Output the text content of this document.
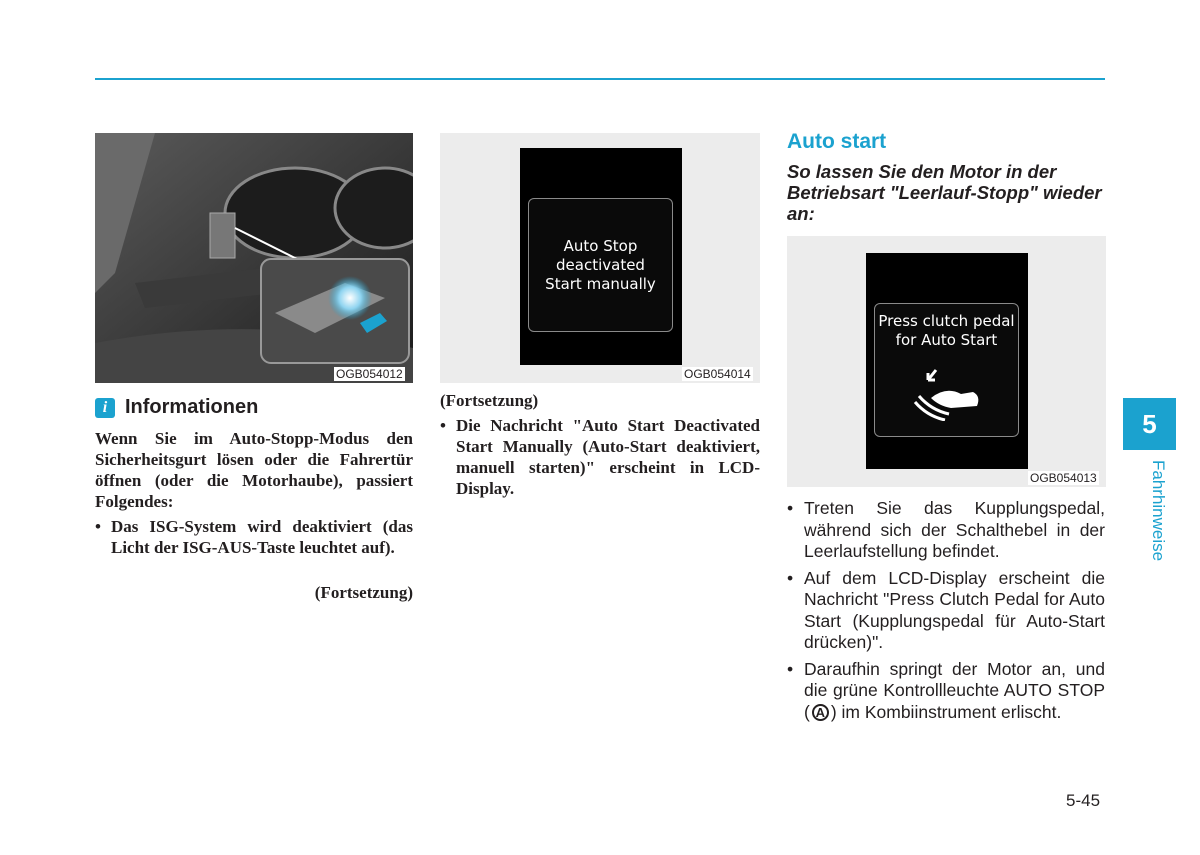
OGB054012
i Informationen
Wenn Sie im Auto-Stopp-Modus den Sicherheitsgurt lösen oder die Fahrertür öffnen (oder die Motorhaube), passiert Folgendes:
• Das ISG-System wird deaktiviert (das Licht der ISG-AUS-Taste leuchtet auf).
(Fortsetzung)
Auto Stop
deactivated
Start manually
OGB054014
(Fortsetzung)
• Die Nachricht "Auto Start Deactivated Start Manually (Auto-Start deaktiviert, manuell starten)" erscheint in LCD-Display.
Auto start
So lassen Sie den Motor in der Betriebsart "Leerlauf-Stopp" wieder an:
Press clutch pedal
for Auto Start
OGB054013
• Treten Sie das Kupplungspedal, während sich der Schalthebel in der Leerlaufstellung befindet.
• Auf dem LCD-Display erscheint die Nachricht "Press Clutch Pedal for Auto Start (Kupplungspedal für Auto-Start drücken)".
• Daraufhin springt der Motor an, und die grüne Kontrollleuchte AUTO STOP ( A ) im Kombiinstrument erlischt.
5
Fahrhinweise
5-45
